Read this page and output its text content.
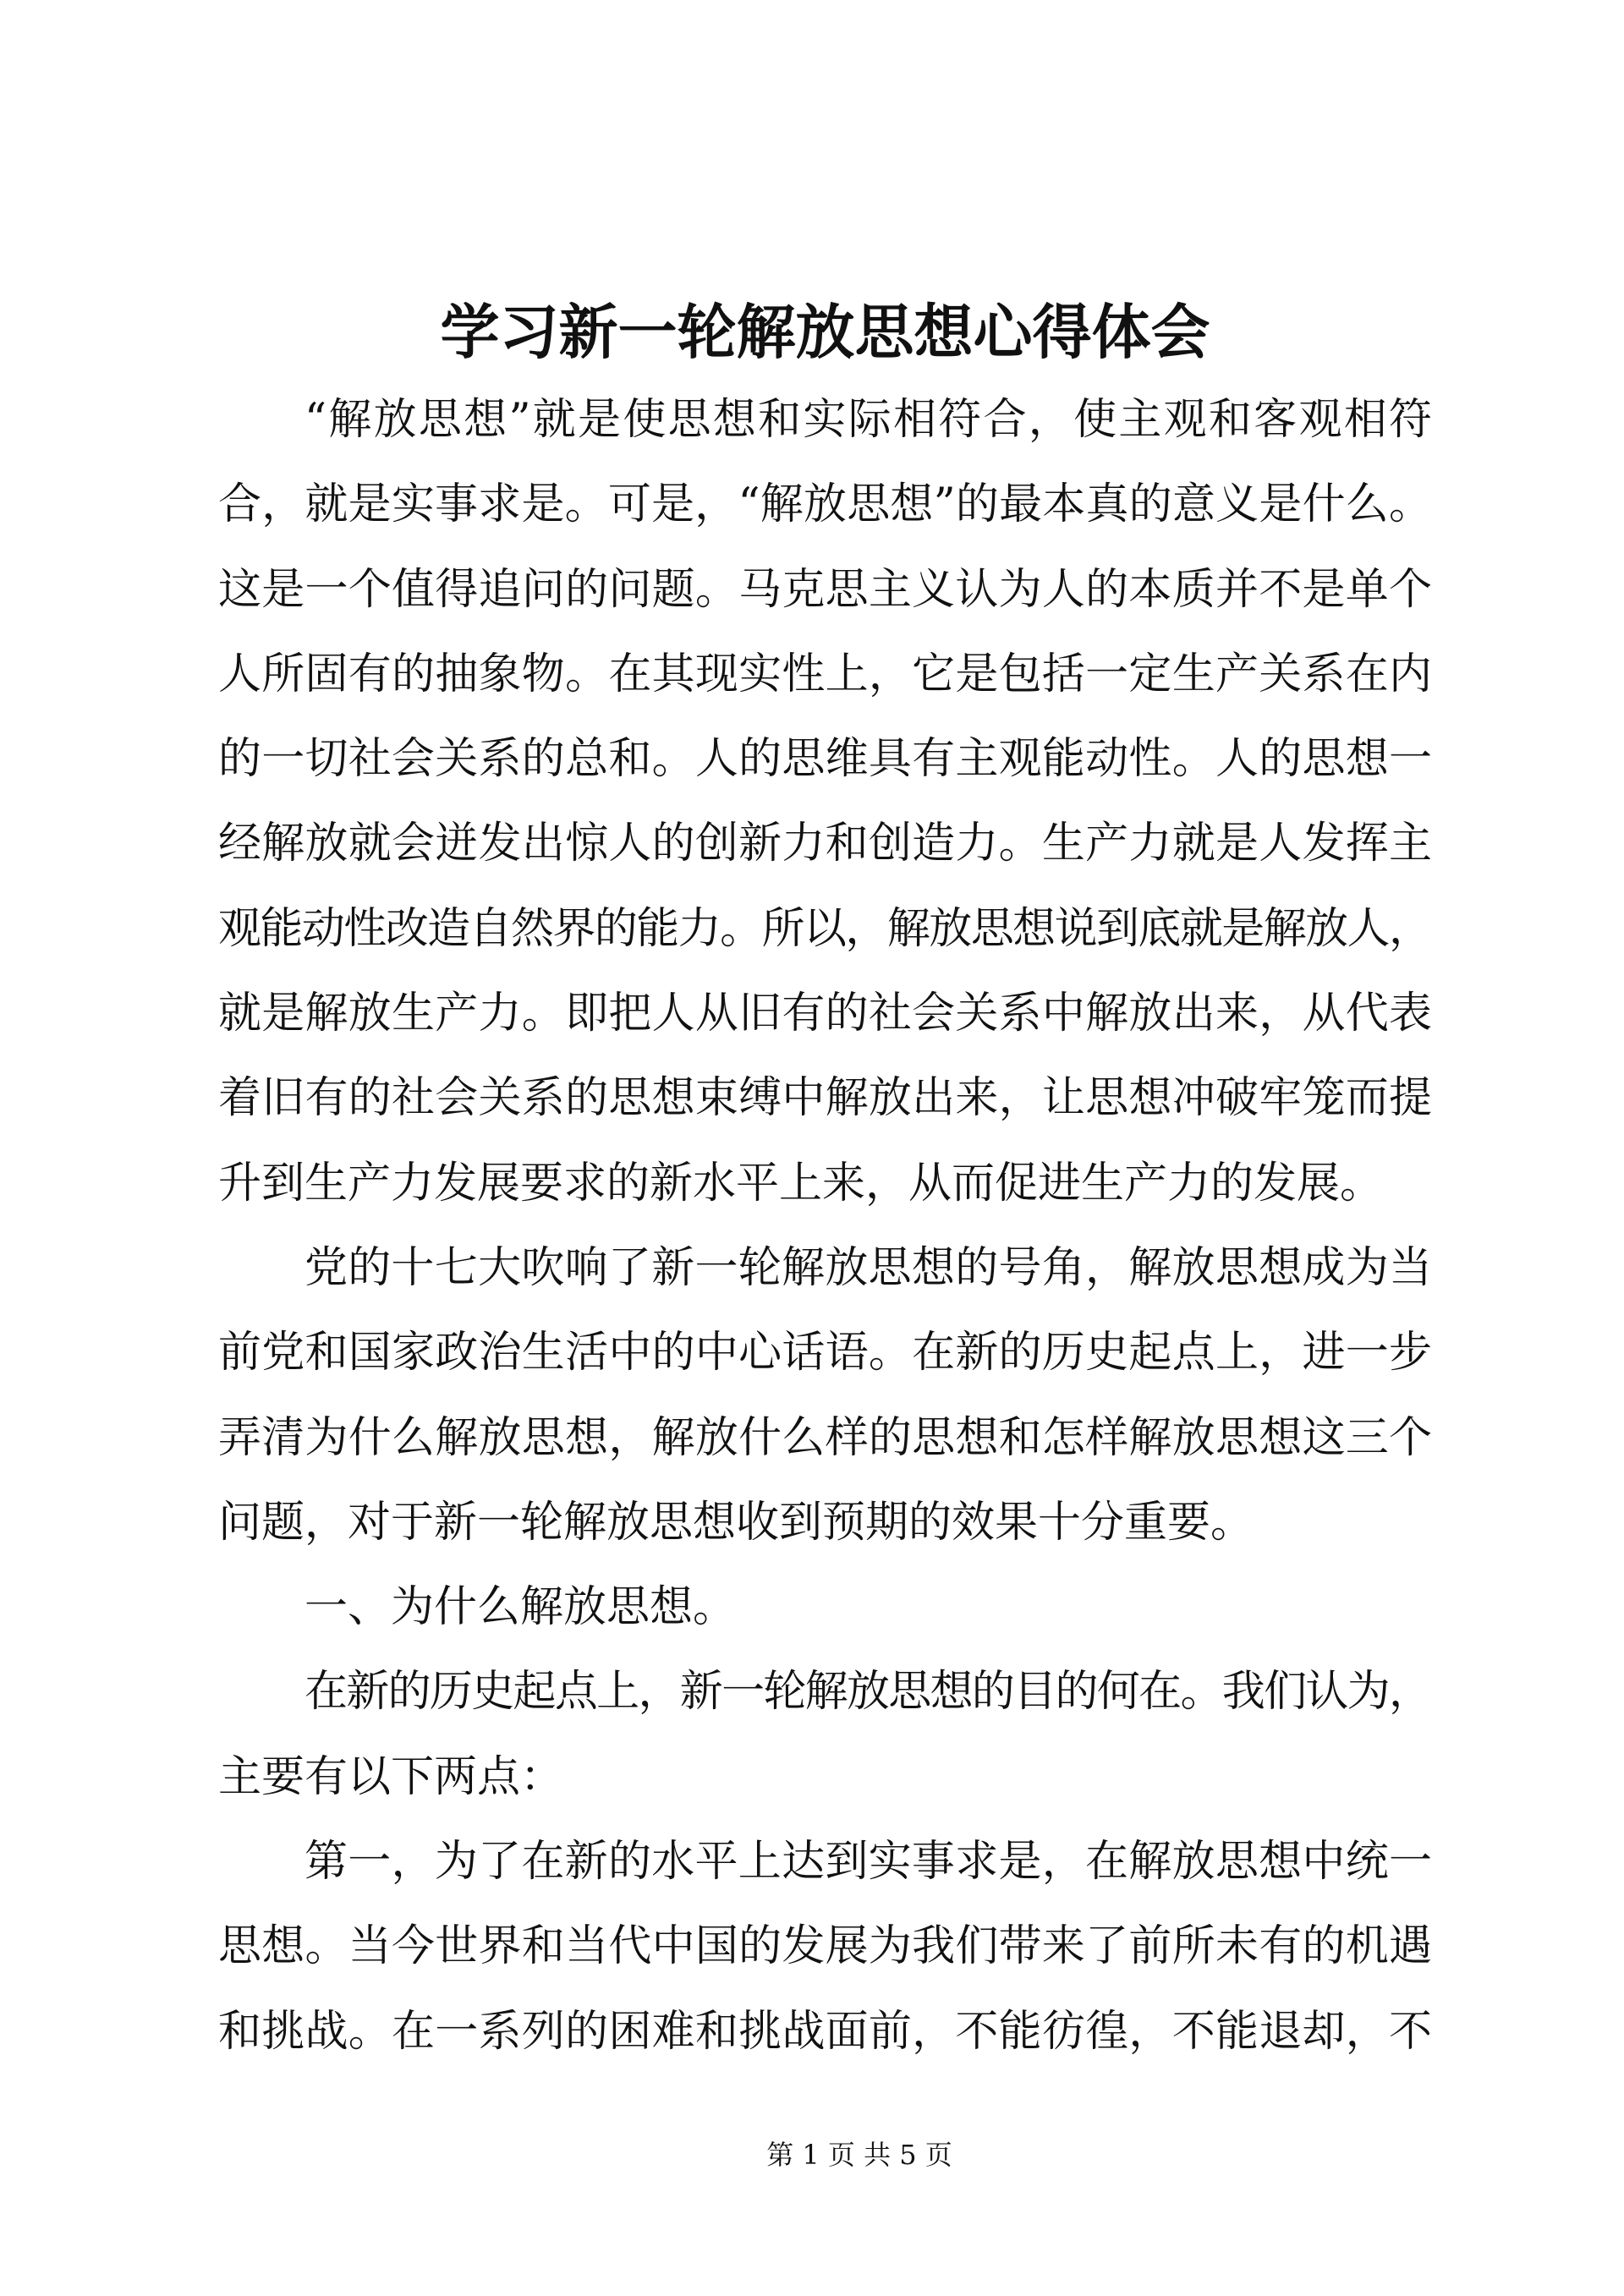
学习新一轮解放思想心得体会
“解放思想”就是使思想和实际相符合，使主观和客观相符
合，就是实事求是。可是，“解放思想”的最本真的意义是什么。
这是一个值得追问的问题。马克思主义认为人的本质并不是单个
人所固有的抽象物。在其现实性上，它是包括一定生产关系在内
的一切社会关系的总和。人的思维具有主观能动性。人的思想一
经解放就会迸发出惊人的创新力和创造力。生产力就是人发挥主
观能动性改造自然界的能力。所以，解放思想说到底就是解放人，
就是解放生产力。即把人从旧有的社会关系中解放出来，从代表
着旧有的社会关系的思想束缚中解放出来，让思想冲破牢笼而提
升到生产力发展要求的新水平上来，从而促进生产力的发展。
党的十七大吹响了新一轮解放思想的号角，解放思想成为当
前党和国家政治生活中的中心话语。在新的历史起点上，进一步
弄清为什么解放思想，解放什么样的思想和怎样解放思想这三个
问题，对于新一轮解放思想收到预期的效果十分重要。
一、为什么解放思想。
在新的历史起点上，新一轮解放思想的目的何在。我们认为，
主要有以下两点：
第一，为了在新的水平上达到实事求是，在解放思想中统一
思想。当今世界和当代中国的发展为我们带来了前所未有的机遇
和挑战。在一系列的困难和挑战面前，不能彷徨，不能退却，不
第 1 页 共 5 页
